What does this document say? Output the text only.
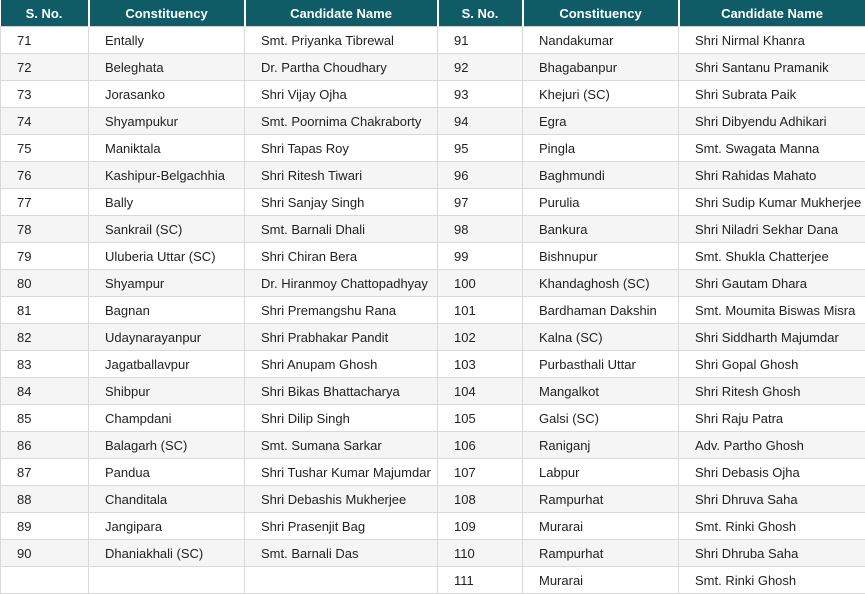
S. No.	Constituency	Candidate Name	S. No.	Constituency	Candidate Name
71	Entally	Smt. Priyanka Tibrewal	91	Nandakumar	Shri Nirmal Khanra
72	Beleghata	Dr. Partha Choudhary	92	Bhagabanpur	Shri Santanu Pramanik
73	Jorasanko	Shri Vijay Ojha	93	Khejuri (SC)	Shri Subrata Paik
74	Shyampukur	Smt. Poornima Chakraborty	94	Egra	Shri Dibyendu Adhikari
75	Maniktala	Shri Tapas Roy	95	Pingla	Smt. Swagata Manna
76	Kashipur-Belgachhia	Shri Ritesh Tiwari	96	Baghmundi	Shri Rahidas Mahato
77	Bally	Shri Sanjay Singh	97	Purulia	Shri Sudip Kumar Mukherjee
78	Sankrail (SC)	Smt. Barnali Dhali	98	Bankura	Shri Niladri Sekhar Dana
79	Uluberia Uttar (SC)	Shri Chiran Bera	99	Bishnupur	Smt. Shukla Chatterjee
80	Shyampur	Dr. Hiranmoy Chattopadhyay	100	Khandaghosh (SC)	Shri Gautam Dhara
81	Bagnan	Shri Premangshu Rana	101	Bardhaman Dakshin	Smt. Moumita Biswas Misra
82	Udaynarayanpur	Shri Prabhakar Pandit	102	Kalna (SC)	Shri Siddharth Majumdar
83	Jagatballavpur	Shri Anupam Ghosh	103	Purbasthali Uttar	Shri Gopal Ghosh
84	Shibpur	Shri Bikas Bhattacharya	104	Mangalkot	Shri Ritesh Ghosh
85	Champdani	Shri Dilip Singh	105	Galsi (SC)	Shri Raju Patra
86	Balagarh (SC)	Smt. Sumana Sarkar	106	Raniganj	Adv. Partho Ghosh
87	Pandua	Shri Tushar Kumar Majumdar	107	Labpur	Shri Debasis Ojha
88	Chanditala	Shri Debashis Mukherjee	108	Rampurhat	Shri Dhruva Saha
89	Jangipara	Shri Prasenjit Bag	109	Murarai	Smt. Rinki Ghosh
90	Dhaniakhali (SC)	Smt. Barnali Das	110	Rampurhat	Shri Dhruba Saha
			111	Murarai	Smt. Rinki Ghosh
